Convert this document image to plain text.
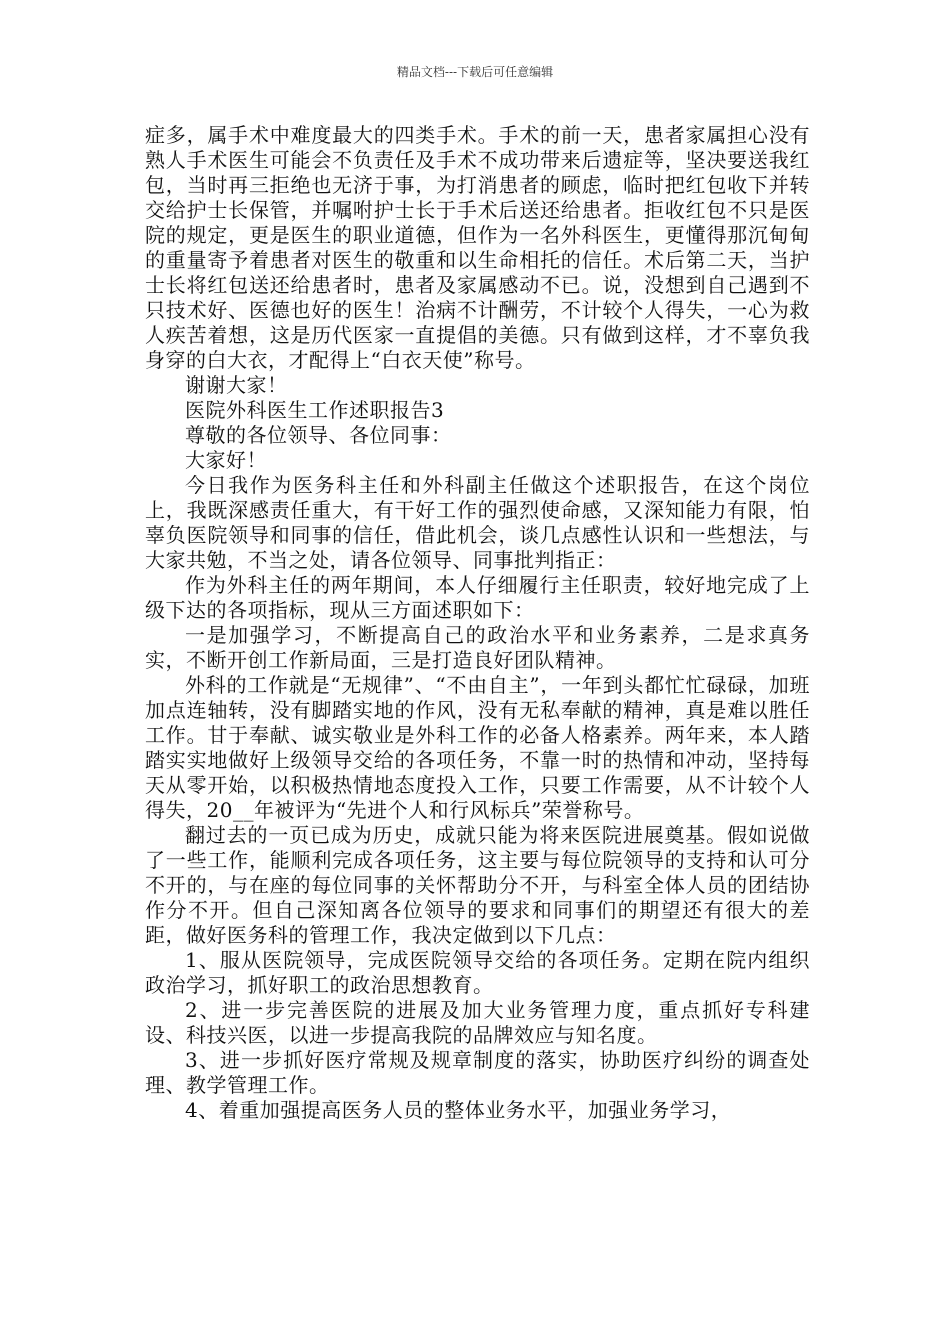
精品文档---下载后可任意编辑

症多，属手术中难度最大的四类手术。手术的前一天，患者家属担心没有熟人手术医生可能会不负责任及手术不成功带来后遗症等，坚决要送我红包，当时再三拒绝也无济于事，为打消患者的顾虑，临时把红包收下并转交给护士长保管，并嘱咐护士长于手术后送还给患者。拒收红包不只是医院的规定，更是医生的职业道德，但作为一名外科医生，更懂得那沉甸甸的重量寄予着患者对医生的敬重和以生命相托的信任。术后第二天，当护士长将红包送还给患者时，患者及家属感动不已。说，没想到自己遇到不只技术好、医德也好的医生！治病不计酬劳，不计较个人得失，一心为救人疾苦着想，这是历代医家一直提倡的美德。只有做到这样，才不辜负我身穿的白大衣，才配得上“白衣天使”称号。

谢谢大家！

医院外科医生工作述职报告3

尊敬的各位领导、各位同事：

大家好！

今日我作为医务科主任和外科副主任做这个述职报告，在这个岗位上，我既深感责任重大，有干好工作的强烈使命感，又深知能力有限，怕辜负医院领导和同事的信任，借此机会，谈几点感性认识和一些想法，与大家共勉，不当之处，请各位领导、同事批判指正：

作为外科主任的两年期间，本人仔细履行主任职责，较好地完成了上级下达的各项指标，现从三方面述职如下：

一是加强学习，不断提高自己的政治水平和业务素养，二是求真务实，不断开创工作新局面，三是打造良好团队精神。

外科的工作就是“无规律”、“不由自主”，一年到头都忙忙碌碌，加班加点连轴转，没有脚踏实地的作风，没有无私奉献的精神，真是难以胜任工作。甘于奉献、诚实敬业是外科工作的必备人格素养。两年来，本人踏踏实实地做好上级领导交给的各项任务，不靠一时的热情和冲动，坚持每天从零开始，以积极热情地态度投入工作，只要工作需要，从不计较个人得失，20__年被评为“先进个人和行风标兵”荣誉称号。

翻过去的一页已成为历史，成就只能为将来医院进展奠基。假如说做了一些工作，能顺利完成各项任务，这主要与每位院领导的支持和认可分不开的，与在座的每位同事的关怀帮助分不开，与科室全体人员的团结协作分不开。但自己深知离各位领导的要求和同事们的期望还有很大的差距，做好医务科的管理工作，我决定做到以下几点：

1、服从医院领导，完成医院领导交给的各项任务。定期在院内组织政治学习，抓好职工的政治思想教育。

2、进一步完善医院的进展及加大业务管理力度，重点抓好专科建设、科技兴医，以进一步提高我院的品牌效应与知名度。

3、进一步抓好医疗常规及规章制度的落实，协助医疗纠纷的调查处理、教学管理工作。

4、着重加强提高医务人员的整体业务水平，加强业务学习，
